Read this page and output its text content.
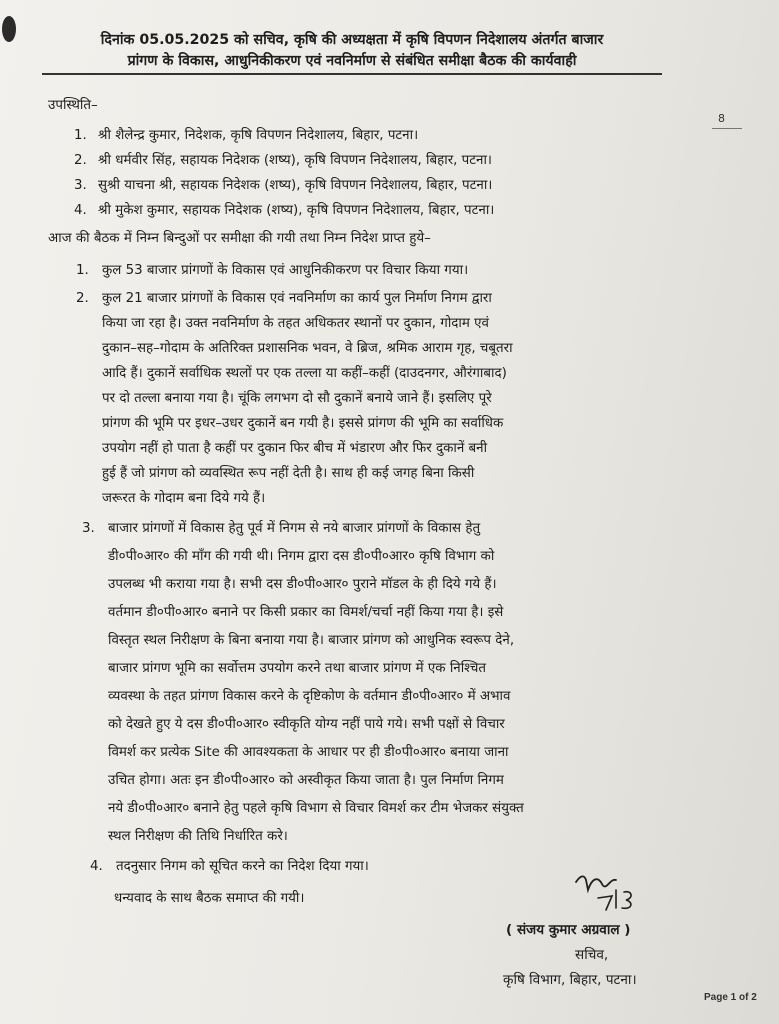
8
दिनांक 05.05.2025 को सचिव, कृषि की अध्यक्षता में कृषि विपणन निदेशालय अंतर्गत बाजार
प्रांगण के विकास, आधुनिकीकरण एवं नवनिर्माण से संबंधित समीक्षा बैठक की कार्यवाही
उपस्थिति–
1. श्री शैलेन्द्र कुमार, निदेशक, कृषि विपणन निदेशालय, बिहार, पटना।
2. श्री धर्मवीर सिंह, सहायक निदेशक (शष्य), कृषि विपणन निदेशालय, बिहार, पटना।
3. सुश्री याचना श्री, सहायक निदेशक (शष्य), कृषि विपणन निदेशालय, बिहार, पटना।
4. श्री मुकेश कुमार, सहायक निदेशक (शष्य), कृषि विपणन निदेशालय, बिहार, पटना।
आज की बैठक में निम्न बिन्दुओं पर समीक्षा की गयी तथा निम्न निदेश प्राप्त हुये–
1. कुल 53 बाजार प्रांगणों के विकास एवं आधुनिकीकरण पर विचार किया गया।
2. कुल 21 बाजार प्रांगणों के विकास एवं नवनिर्माण का कार्य पुल निर्माण निगम द्वारा
किया जा रहा है। उक्त नवनिर्माण के तहत अधिकतर स्थानों पर दुकान, गोदाम एवं
दुकान–सह–गोदाम के अतिरिक्त प्रशासनिक भवन, वे ब्रिज, श्रमिक आराम गृह, चबूतरा
आदि हैं। दुकानें सर्वाधिक स्थलों पर एक तल्ला या कहीं–कहीं (दाउदनगर, औरंगाबाद)
पर दो तल्ला बनाया गया है। चूंकि लगभग दो सौ दुकानें बनाये जाने हैं। इसलिए पूरे
प्रांगण की भूमि पर इधर–उधर दुकानें बन गयी है। इससे प्रांगण की भूमि का सर्वाधिक
उपयोग नहीं हो पाता है कहीं पर दुकान फिर बीच में भंडारण और फिर दुकानें बनी
हुई हैं जो प्रांगण को व्यवस्थित रूप नहीं देती है। साथ ही कई जगह बिना किसी
जरूरत के गोदाम बना दिये गये हैं।
3. बाजार प्रांगणों में विकास हेतु पूर्व में निगम से नये बाजार प्रांगणों के विकास हेतु
डी०पी०आर० की माँग की गयी थी। निगम द्वारा दस डी०पी०आर० कृषि विभाग को
उपलब्ध भी कराया गया है। सभी दस डी०पी०आर० पुराने मॉडल के ही दिये गये हैं।
वर्तमान डी०पी०आर० बनाने पर किसी प्रकार का विमर्श/चर्चा नहीं किया गया है। इसे
विस्तृत स्थल निरीक्षण के बिना बनाया गया है। बाजार प्रांगण को आधुनिक स्वरूप देने,
बाजार प्रांगण भूमि का सर्वोत्तम उपयोग करने तथा बाजार प्रांगण में एक निश्चित
व्यवस्था के तहत प्रांगण विकास करने के दृष्टिकोण के वर्तमान डी०पी०आर० में अभाव
को देखते हुए ये दस डी०पी०आर० स्वीकृति योग्य नहीं पाये गये। सभी पक्षों से विचार
विमर्श कर प्रत्येक Site की आवश्यकता के आधार पर ही डी०पी०आर० बनाया जाना
उचित होगा। अतः इन डी०पी०आर० को अस्वीकृत किया जाता है। पुल निर्माण निगम
नये डी०पी०आर० बनाने हेतु पहले कृषि विभाग से विचार विमर्श कर टीम भेजकर संयुक्त
स्थल निरीक्षण की तिथि निर्धारित करे।
4. तदनुसार निगम को सूचित करने का निदेश दिया गया।
धन्यवाद के साथ बैठक समाप्त की गयी।
( संजय कुमार अग्रवाल )
सचिव,
कृषि विभाग, बिहार, पटना।
Page 1 of 2
